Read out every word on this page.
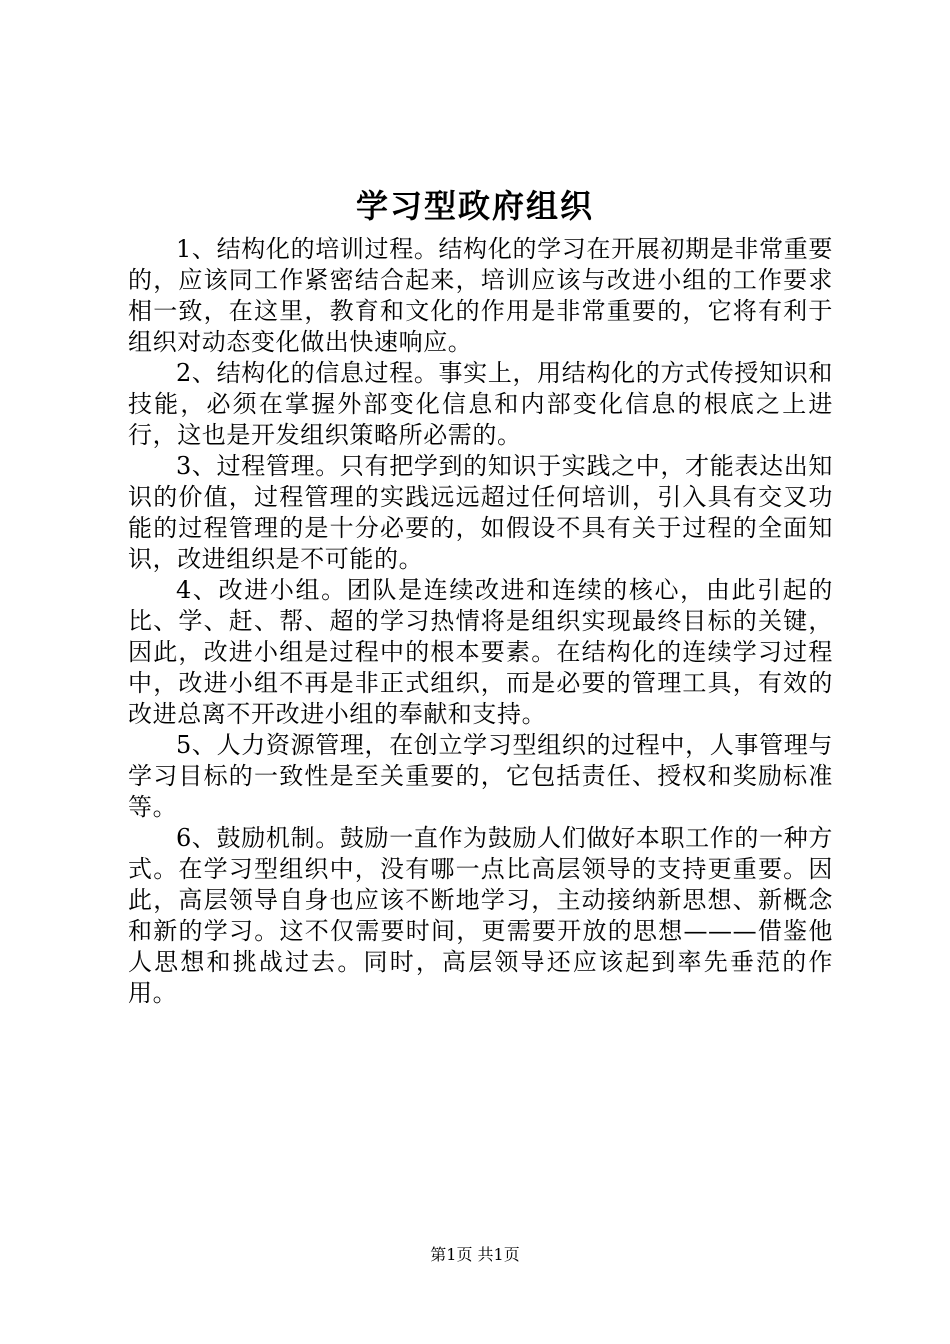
学习型政府组织

1、结构化的培训过程。结构化的学习在开展初期是非常重要的，应该同工作紧密结合起来，培训应该与改进小组的工作要求相一致，在这里，教育和文化的作用是非常重要的，它将有利于组织对动态变化做出快速响应。

2、结构化的信息过程。事实上，用结构化的方式传授知识和技能，必须在掌握外部变化信息和内部变化信息的根底之上进行，这也是开发组织策略所必需的。

3、过程管理。只有把学到的知识于实践之中，才能表达出知识的价值，过程管理的实践远远超过任何培训，引入具有交叉功能的过程管理的是十分必要的，如假设不具有关于过程的全面知识，改进组织是不可能的。

4、改进小组。团队是连续改进和连续的核心，由此引起的比、学、赶、帮、超的学习热情将是组织实现最终目标的关键，因此，改进小组是过程中的根本要素。在结构化的连续学习过程中，改进小组不再是非正式组织，而是必要的管理工具，有效的改进总离不开改进小组的奉献和支持。

5、人力资源管理，在创立学习型组织的过程中，人事管理与学习目标的一致性是至关重要的，它包括责任、授权和奖励标准等。

6、鼓励机制。鼓励一直作为鼓励人们做好本职工作的一种方式。在学习型组织中，没有哪一点比高层领导的支持更重要。因此，高层领导自身也应该不断地学习，主动接纳新思想、新概念和新的学习。这不仅需要时间，更需要开放的思想———借鉴他人思想和挑战过去。同时，高层领导还应该起到率先垂范的作用。

第1页 共1页
